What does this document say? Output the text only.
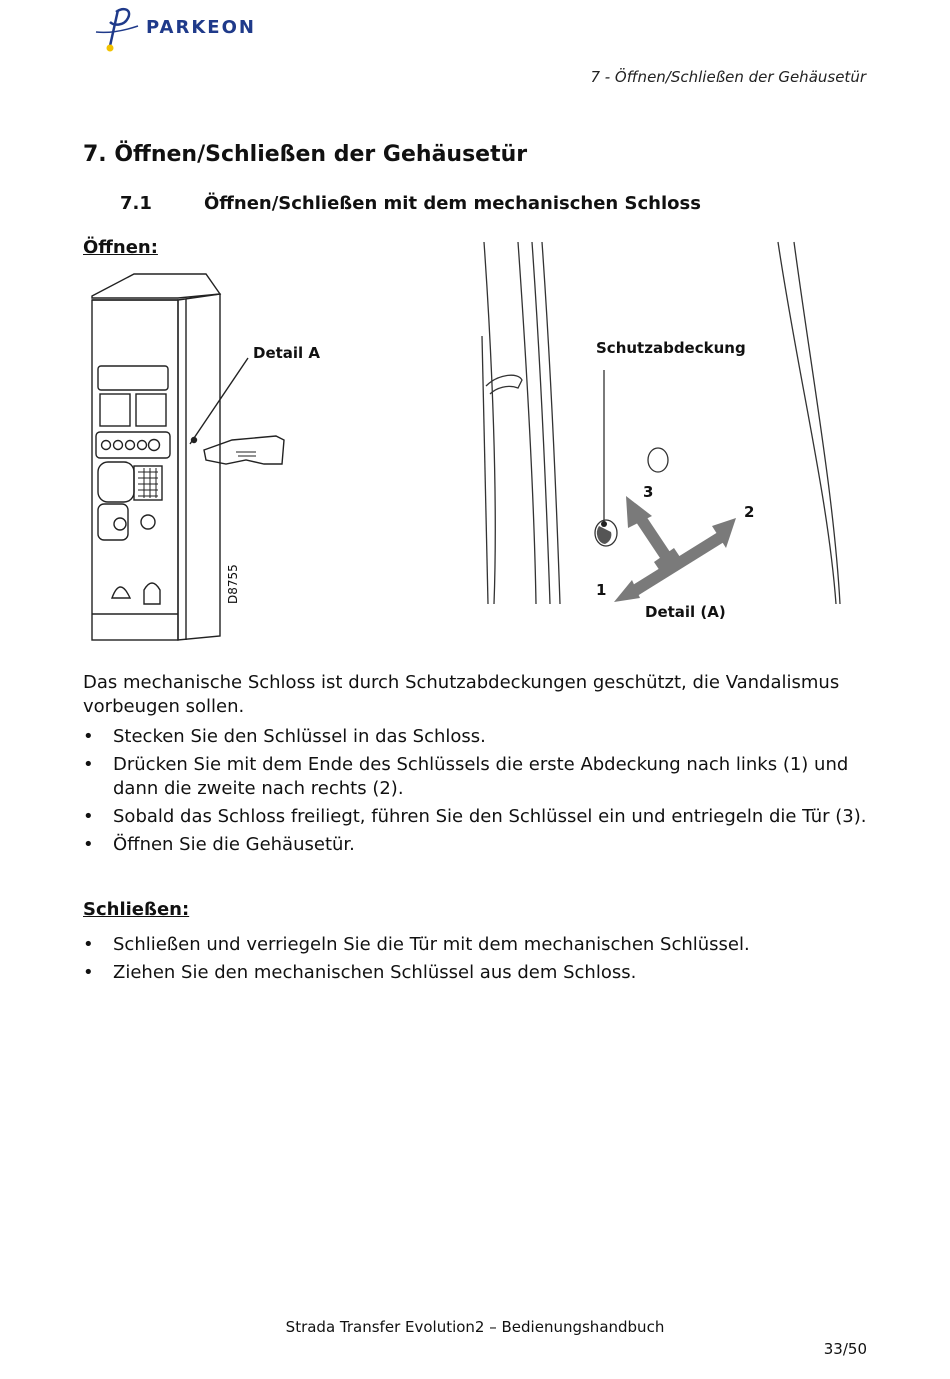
PARKEON
7 - Öffnen/Schließen der Gehäusetür
7. Öffnen/Schließen der Gehäusetür
7.1	Öffnen/Schließen mit dem mechanischen Schloss
Öffnen:
Detail A
D8755
Schutzabdeckung
3
2
1
Detail (A)
Das mechanische Schloss ist durch Schutzabdeckungen geschützt, die Vandalismus vorbeugen sollen.
• Stecken Sie den Schlüssel in das Schloss.
• Drücken Sie mit dem Ende des Schlüssels die erste Abdeckung nach links (1) und dann die zweite nach rechts (2).
• Sobald das Schloss freiliegt, führen Sie den Schlüssel ein und entriegeln die Tür (3).
• Öffnen Sie die Gehäusetür.
Schließen:
• Schließen und verriegeln Sie die Tür mit dem mechanischen Schlüssel.
• Ziehen Sie den mechanischen Schlüssel aus dem Schloss.
Strada Transfer Evolution2 – Bedienungshandbuch
33/50
